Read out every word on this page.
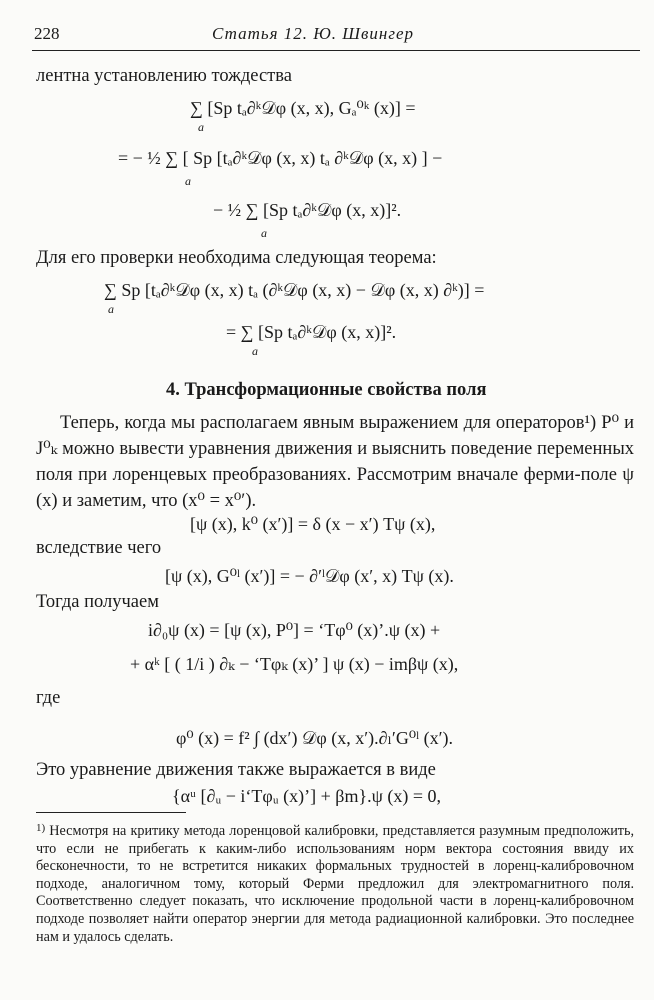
228	Статья 12. Ю. Швингер
лентна установлению тождества
∑ [Sp tₐ∂ᵏ𝒟φ (x, x), Gₐ⁰ᵏ (x)] =
a
= − ½ ∑ [ Sp [tₐ∂ᵏ𝒟φ (x, x) tₐ ∂ᵏ𝒟φ (x, x) ] −
a
− ½ ∑ [Sp tₐ∂ᵏ𝒟φ (x, x)]².
a
Для его проверки необходима следующая теорема:
∑ Sp [tₐ∂ᵏ𝒟φ (x, x) tₐ (∂ᵏ𝒟φ (x, x) − 𝒟φ (x, x) ∂ᵏ)] =
a
= ∑ [Sp tₐ∂ᵏ𝒟φ (x, x)]².
a
4. Трансформационные свойства поля
Теперь, когда мы располагаем явным выражением для операторов¹) P⁰ и J⁰ₖ можно вывести уравнения движения и выяснить поведение переменных поля при лоренцевых преобразованиях. Рассмотрим вначале ферми-поле ψ (x) и заметим, что (x⁰ = x⁰′).
[ψ (x), k⁰ (x′)] = δ (x − x′) Tψ (x),
вследствие чего
[ψ (x), G⁰ˡ (x′)] = − ∂′ˡ𝒟φ (x′, x) Tψ (x).
Тогда получаем
i∂₀ψ (x) = [ψ (x), P⁰] = ‘Tφ⁰ (x)’.ψ (x) +
+ αᵏ [ ( 1/i ) ∂ₖ − ‘Tφₖ (x)’ ] ψ (x) − imβψ (x),
где
φ⁰ (x) = f² ∫ (dx′) 𝒟φ (x, x′).∂ₗ′G⁰ˡ (x′).
Это уравнение движения также выражается в виде
{αᵘ [∂ᵤ − i‘Tφᵤ (x)’] + βm}.ψ (x) = 0,
$^{1)}$ Несмотря на критику метода лоренцовой калибровки, представляется разумным предположить, что если не прибегать к каким-либо использованиям норм вектора состояния ввиду их бесконечности, то не встретится никаких формальных трудностей в лоренц-калибровочном подходе, аналогичном тому, который Ферми предложил для электромагнитного поля. Соответственно следует показать, что исключение продольной части в лоренц-калибровочном подходе позволяет найти оператор энергии для метода радиационной калибровки. Это последнее нам и удалось сделать.
